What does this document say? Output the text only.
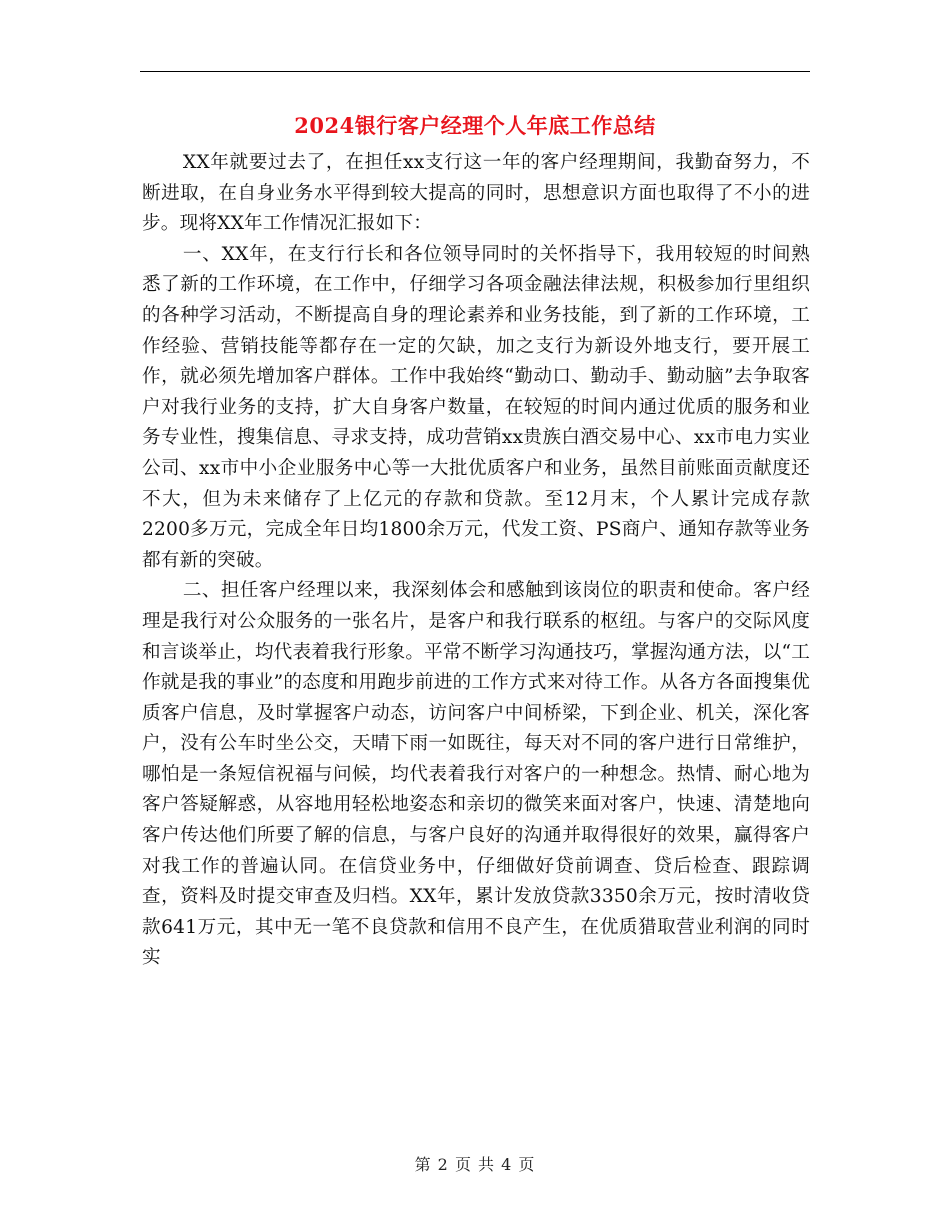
2024银行客户经理个人年底工作总结

XX年就要过去了，在担任xx支行这一年的客户经理期间，我勤奋努力，不断进取，在自身业务水平得到较大提高的同时，思想意识方面也取得了不小的进步。现将XX年工作情况汇报如下：

一、XX年，在支行行长和各位领导同时的关怀指导下，我用较短的时间熟悉了新的工作环境，在工作中，仔细学习各项金融法律法规，积极参加行里组织的各种学习活动，不断提高自身的理论素养和业务技能，到了新的工作环境，工作经验、营销技能等都存在一定的欠缺，加之支行为新设外地支行，要开展工作，就必须先增加客户群体。工作中我始终“勤动口、勤动手、勤动脑”去争取客户对我行业务的支持，扩大自身客户数量，在较短的时间内通过优质的服务和业务专业性，搜集信息、寻求支持，成功营销xx贵族白酒交易中心、xx市电力实业公司、xx市中小企业服务中心等一大批优质客户和业务，虽然目前账面贡献度还不大，但为未来储存了上亿元的存款和贷款。至12月末，个人累计完成存款2200多万元，完成全年日均1800余万元，代发工资、PS商户、通知存款等业务都有新的突破。

二、担任客户经理以来，我深刻体会和感触到该岗位的职责和使命。客户经理是我行对公众服务的一张名片，是客户和我行联系的枢纽。与客户的交际风度和言谈举止，均代表着我行形象。平常不断学习沟通技巧，掌握沟通方法，以“工作就是我的事业”的态度和用跑步前进的工作方式来对待工作。从各方各面搜集优质客户信息，及时掌握客户动态，访问客户中间桥梁，下到企业、机关，深化客户，没有公车时坐公交，天晴下雨一如既往，每天对不同的客户进行日常维护，哪怕是一条短信祝福与问候，均代表着我行对客户的一种想念。热情、耐心地为客户答疑解惑，从容地用轻松地姿态和亲切的微笑来面对客户，快速、清楚地向客户传达他们所要了解的信息，与客户良好的沟通并取得很好的效果，赢得客户对我工作的普遍认同。在信贷业务中，仔细做好贷前调查、贷后检查、跟踪调查，资料及时提交审查及归档。XX年，累计发放贷款3350余万元，按时清收贷款641万元，其中无一笔不良贷款和信用不良产生，在优质猎取营业利润的同时实

第 2 页 共 4 页
